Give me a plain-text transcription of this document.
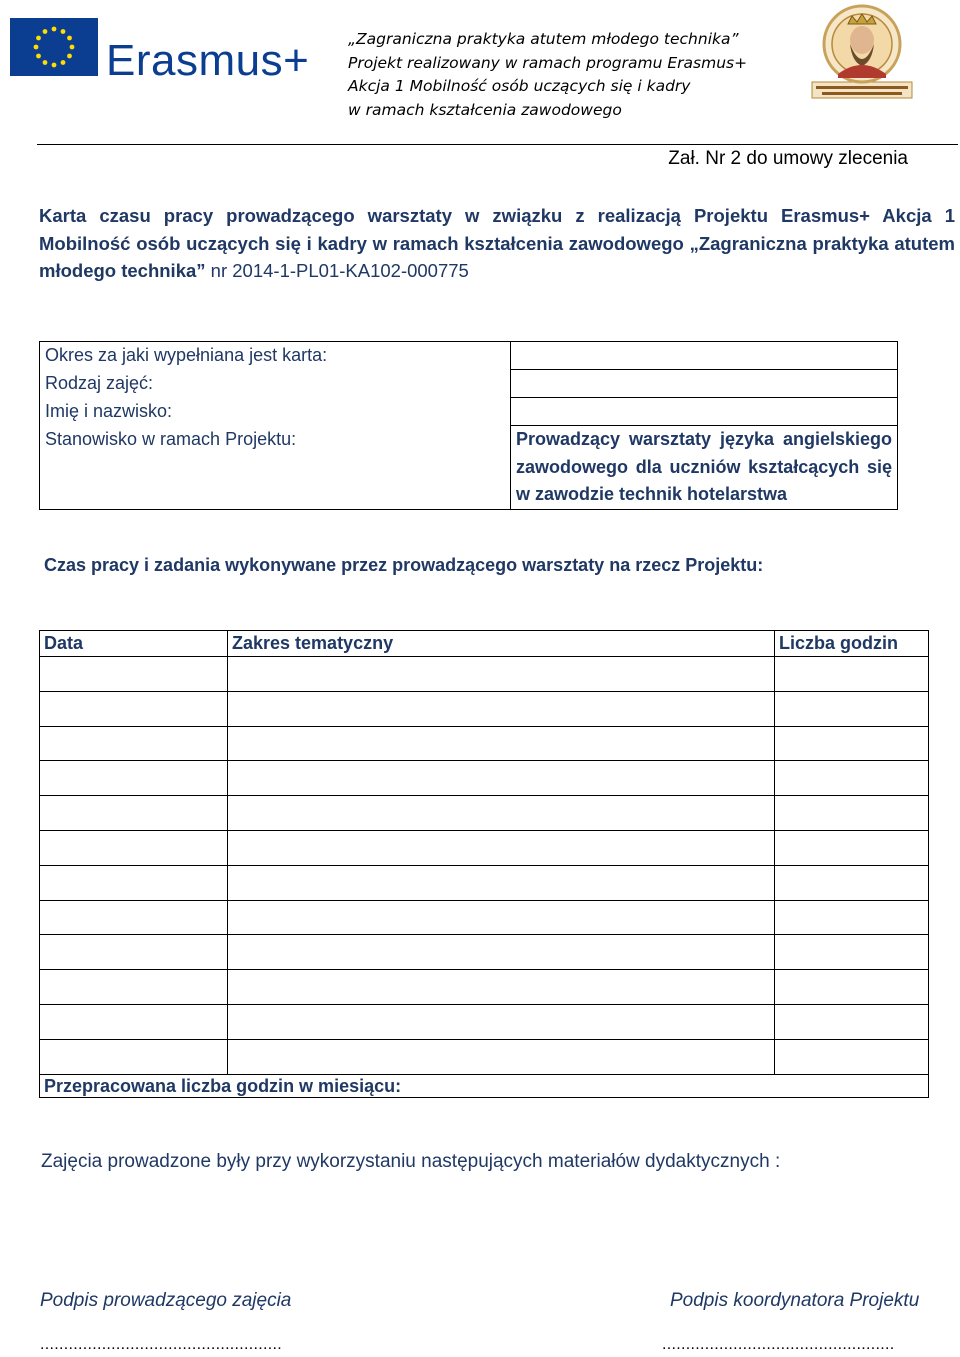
Erasmus+ „Zagraniczna praktyka atutem młodego technika”
Projekt realizowany w ramach programu Erasmus+
Akcja 1 Mobilność osób uczących się i kadry
w ramach kształcenia zawodowego
Zał. Nr 2 do umowy zlecenia
Karta czasu pracy prowadzącego warsztaty w związku z realizacją Projektu Erasmus+ Akcja 1 Mobilność osób uczących się i kadry w ramach kształcenia zawodowego „Zagraniczna praktyka atutem młodego technika” nr 2014-1-PL01-KA102-000775
Okres za jaki wypełniana jest karta:	
Rodzaj zajęć:	
Imię i nazwisko:	
Stanowisko w ramach Projektu:	Prowadzący warsztaty języka angielskiego zawodowego dla uczniów kształcących się w zawodzie technik hotelarstwa
Czas pracy i zadania wykonywane przez prowadzącego warsztaty na rzecz Projektu:
Data	Zakres tematyczny	Liczba godzin

Przepracowana liczba godzin w miesiącu:		
Zajęcia prowadzone były przy wykorzystaniu następujących materiałów dydaktycznych :
Podpis prowadzącego zajęcia
...................................................
Podpis koordynatora Projektu
.................................................
